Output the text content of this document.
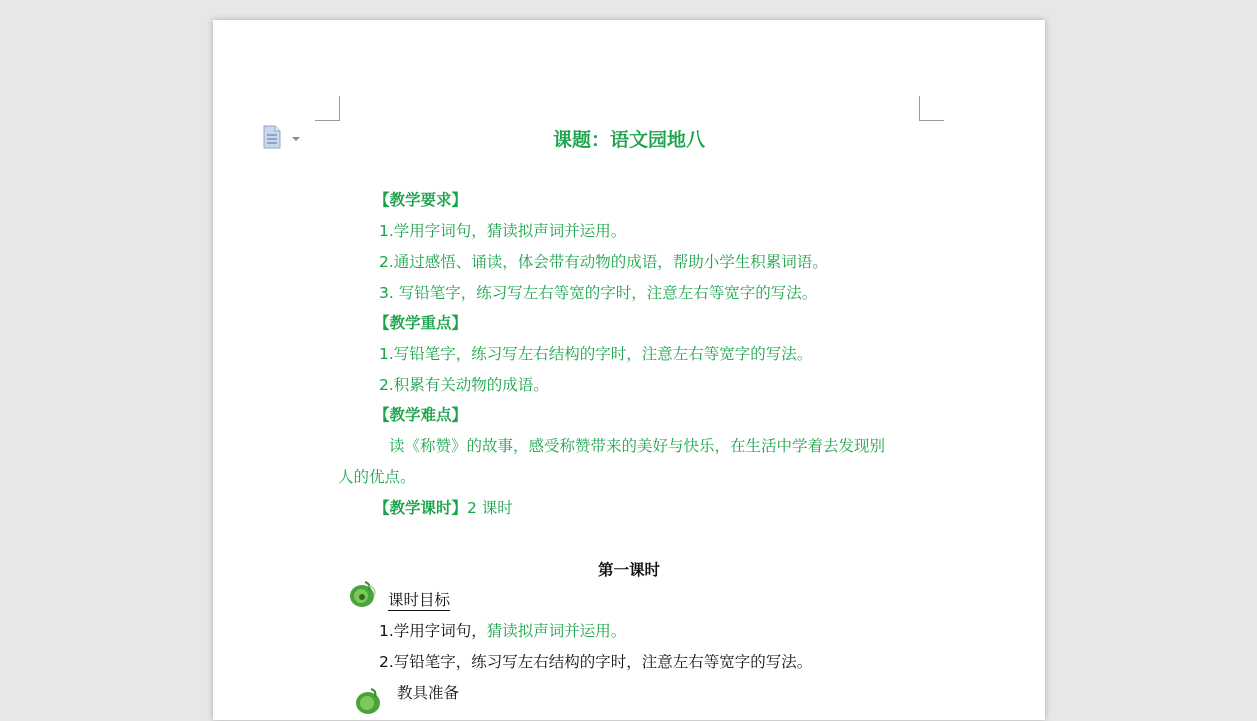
课题：语文园地八
【教学要求】
1.学用字词句，猜读拟声词并运用。
2.通过感悟、诵读，体会带有动物的成语，帮助小学生积累词语。
3. 写铅笔字，练习写左右等宽的字时，注意左右等宽字的写法。
【教学重点】
1.写铅笔字，练习写左右结构的字时，注意左右等宽字的写法。
2.积累有关动物的成语。
【教学难点】
读《称赞》的故事，感受称赞带来的美好与快乐，在生活中学着去发现别
人的优点。
【教学课时】2 课时
第一课时
课时目标
1.学用字词句，猜读拟声词并运用。
2.写铅笔字，练习写左右结构的字时，注意左右等宽字的写法。
教具准备
